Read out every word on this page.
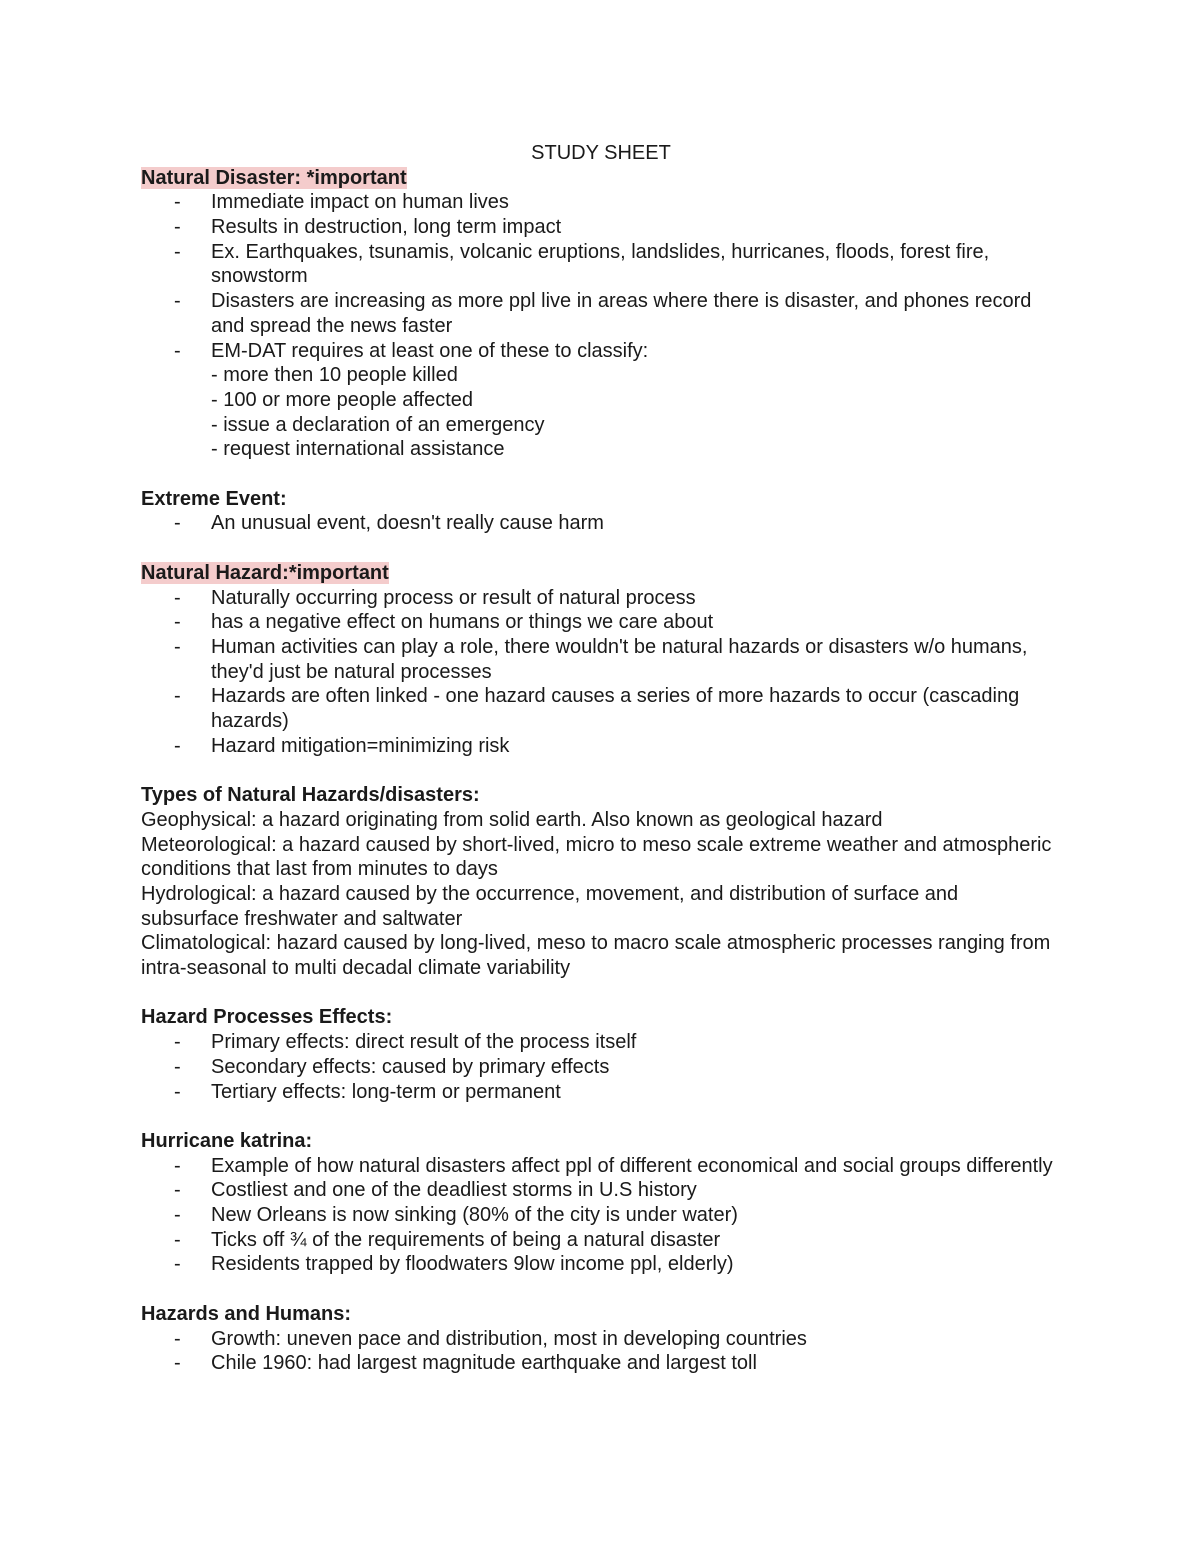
STUDY SHEET
Natural Disaster: *important
- Immediate impact on human lives
- Results in destruction, long term impact
- Ex. Earthquakes, tsunamis, volcanic eruptions, landslides, hurricanes, floods, forest fire, snowstorm
- Disasters are increasing as more ppl live in areas where there is disaster, and phones record and spread the news faster
- EM-DAT requires at least one of these to classify:
- more then 10 people killed
- 100 or more people affected
- issue a declaration of an emergency
- request international assistance
Extreme Event:
- An unusual event, doesn't really cause harm
Natural Hazard:*important
- Naturally occurring process or result of natural process
- has a negative effect on humans or things we care about
- Human activities can play a role, there wouldn't be natural hazards or disasters w/o humans, they'd just be natural processes
- Hazards are often linked - one hazard causes a series of more hazards to occur (cascading hazards)
- Hazard mitigation=minimizing risk
Types of Natural Hazards/disasters:

Geophysical: a hazard originating from solid earth. Also known as geological hazard

Meteorological: a hazard caused by short-lived, micro to meso scale extreme weather and atmospheric conditions that last from minutes to days

Hydrological: a hazard caused by the occurrence, movement, and distribution of surface and subsurface freshwater and saltwater

Climatological: hazard caused by long-lived, meso to macro scale atmospheric processes ranging from intra-seasonal to multi decadal climate variability

Hazard Processes Effects:
- Primary effects: direct result of the process itself
- Secondary effects: caused by primary effects
- Tertiary effects: long-term or permanent
Hurricane katrina:
- Example of how natural disasters affect ppl of different economical and social groups differently
- Costliest and one of the deadliest storms in U.S history
- New Orleans is now sinking (80% of the city is under water)
- Ticks off ¾ of the requirements of being a natural disaster
- Residents trapped by floodwaters 9low income ppl, elderly)
Hazards and Humans:
- Growth: uneven pace and distribution, most in developing countries
- Chile 1960: had largest magnitude earthquake and largest toll
